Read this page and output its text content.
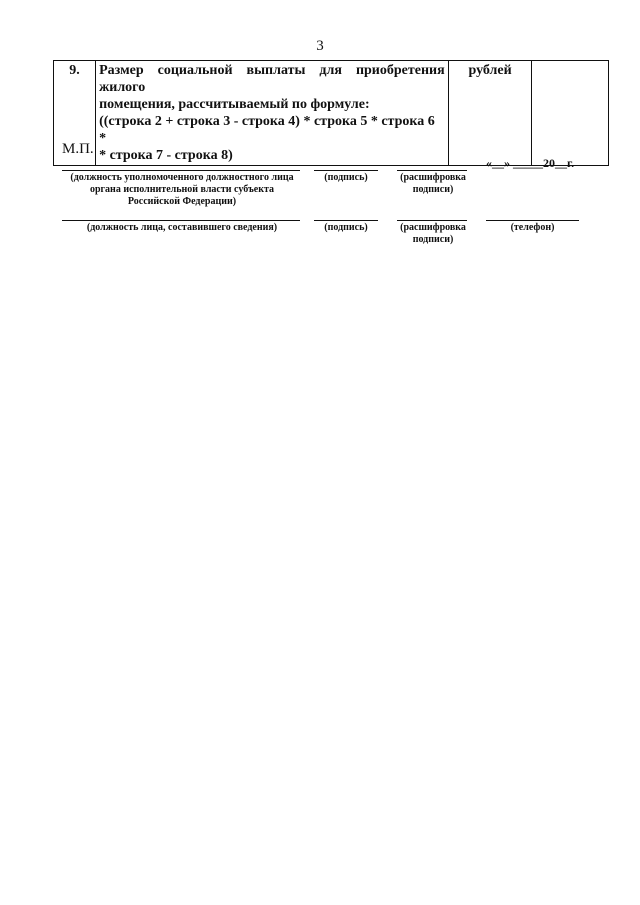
3
9.	Размер социальной выплаты для приобретения жилого
помещения, рассчитываемый по формуле:
((строка 2 + строка 3 - строка 4) * строка 5 * строка 6 *
* строка 7 - строка 8)
	рублей	
М.П.
«__» _____20__г.
(должность уполномоченного должностного лица
органа исполнительной власти субъекта
Российской Федерации)
(подпись)	(расшифровка
подписи)
(должность лица, составившего сведения)	(подпись)	(расшифровка
подписи)
(телефон)
